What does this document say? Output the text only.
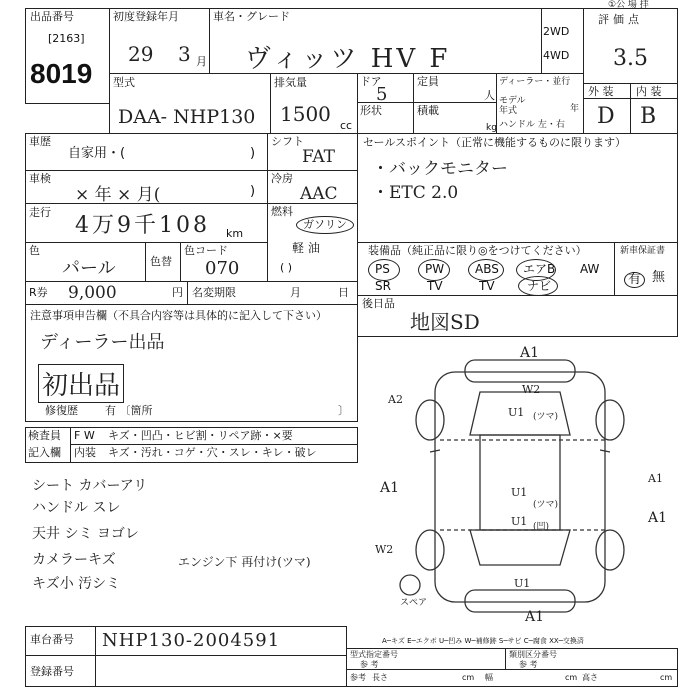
出品番号
[2163]
8019
初度登録年月
29 3 月
車名・グレード
ヴィッツ HV F
2WD
4WD
①公 場 拝
評価点
3.5
型式
DAA- NHP130
排気量
1500 cc
ドア
5
定員
人
形状	積載
kg
ディーラー・並行
モデル年式	年
ハンドル 左・右
外 装 内 装
D B
車歴
自家用・(	)
シフト
FAT
車検
× 年 × 月(	)
冷房
AAC
走行
4万9千108 km
燃料
ガソリン
軽 油
( )
色
パール	色替
色コード
070
セールスポイント（正常に機能するものに限ります）
・バックモニター
・ETC 2.0
R券 9,000	円 名変期限	月	日
装備品（純正品に限り◎をつけてください）
PS	PW	ABS エアB AW
SR	TV	TV	ナビ
新車保証書
有 無
後日品
地図SD
注意事項申告欄（不具合内容等は具体的に記入して下さい）
ディーラー出品
初出品
修復歴 有 〔箇所	〕
検査員
記入欄
F W キズ・凹凸・ヒビ割・リペア跡・×要
内装 キズ・汚れ・コゲ・穴・スレ・キレ・破レ
シート カバーアリ
ハンドル スレ
天井 シミ ヨゴレ
カメラーキズ
キズ小 汚シミ
エンジン下 再付け(ツマ)
A1
W2
U1 (ツマ)
A2
A1	U1
(ツマ)
U1 (凹)
W2
A1
A1
U1
A1
スペア
A─キズ E─エクボ U─凹み W─補修跡 S─サビ C─腐食 XX─交換済
車台番号 NHP130-2004591
登録番号
型式指定番号
参 考
類別区分番号
参 考
参考 長さ	cm 幅	cm 高さ	cm
